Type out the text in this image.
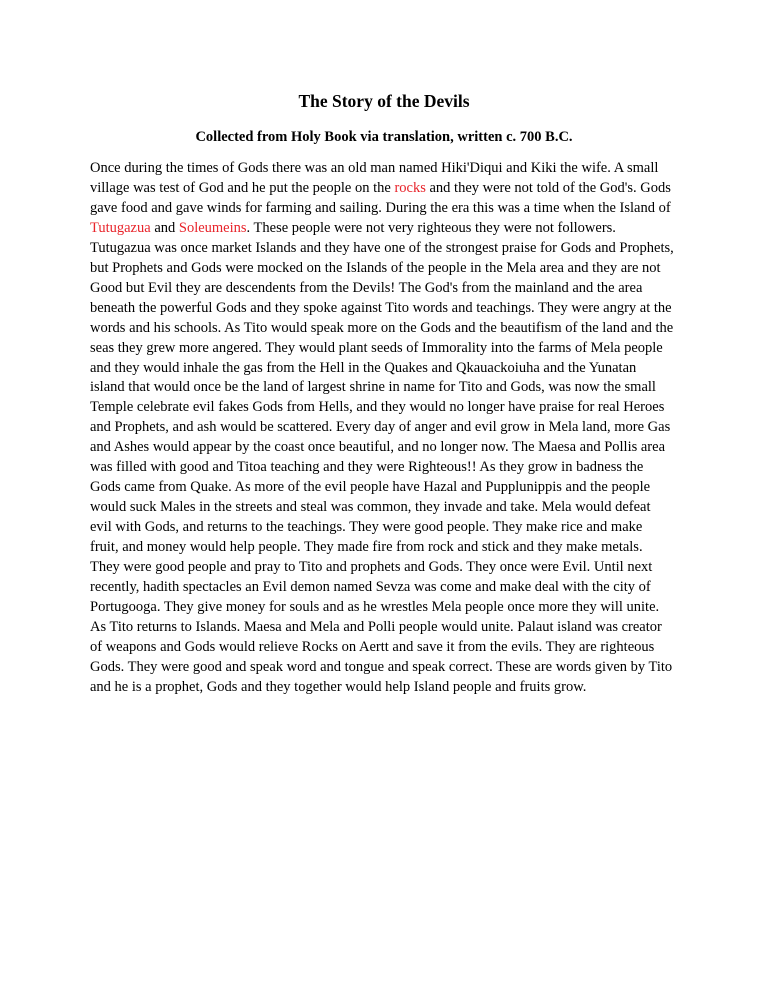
The Story of the Devils
Collected from Holy Book via translation, written c. 700 B.C.

Once during the times of Gods there was an old man named Hiki'Diqui and Kiki the wife. A small village was test of God and he put the people on the rocks and they were not told of the God's. Gods gave food and gave winds for farming and sailing. During the era this was a time when the Island of Tutugazua and Soleumeins. These people were not very righteous they were not followers. Tutugazua was once market Islands and they have one of the strongest praise for Gods and Prophets, but Prophets and Gods were mocked on the Islands of the people in the Mela area and they are not Good but Evil they are descendents from the Devils! The God's from the mainland and the area beneath the powerful Gods and they spoke against Tito words and teachings. They were angry at the words and his schools. As Tito would speak more on the Gods and the beautifism of the land and the seas they grew more angered. They would plant seeds of Immorality into the farms of Mela people and they would inhale the gas from the Hell in the Quakes and Qkauackoiuha and the Yunatan island that would once be the land of largest shrine in name for Tito and Gods, was now the small Temple celebrate evil fakes Gods from Hells, and they would no longer have praise for real Heroes and Prophets, and ash would be scattered. Every day of anger and evil grow in Mela land, more Gas and Ashes would appear by the coast once beautiful, and no longer now. The Maesa and Pollis area was filled with good and Titoa teaching and they were Righteous!! As they grow in badness the Gods came from Quake. As more of the evil people have Hazal and Pupplunippis and the people would suck Males in the streets and steal was common, they invade and take. Mela would defeat evil with Gods, and returns to the teachings. They were good people. They make rice and make fruit, and money would help people. They made fire from rock and stick and they make metals. They were good people and pray to Tito and prophets and Gods. They once were Evil. Until next recently, hadith spectacles an Evil demon named Sevza was come and make deal with the city of Portugooga. They give money for souls and as he wrestles Mela people once more they will unite. As Tito returns to Islands. Maesa and Mela and Polli people would unite. Palaut island was creator of weapons and Gods would relieve Rocks on Aertt and save it from the evils. They are righteous Gods. They were good and speak word and tongue and speak correct. These are words given by Tito and he is a prophet, Gods and they together would help Island people and fruits grow.
